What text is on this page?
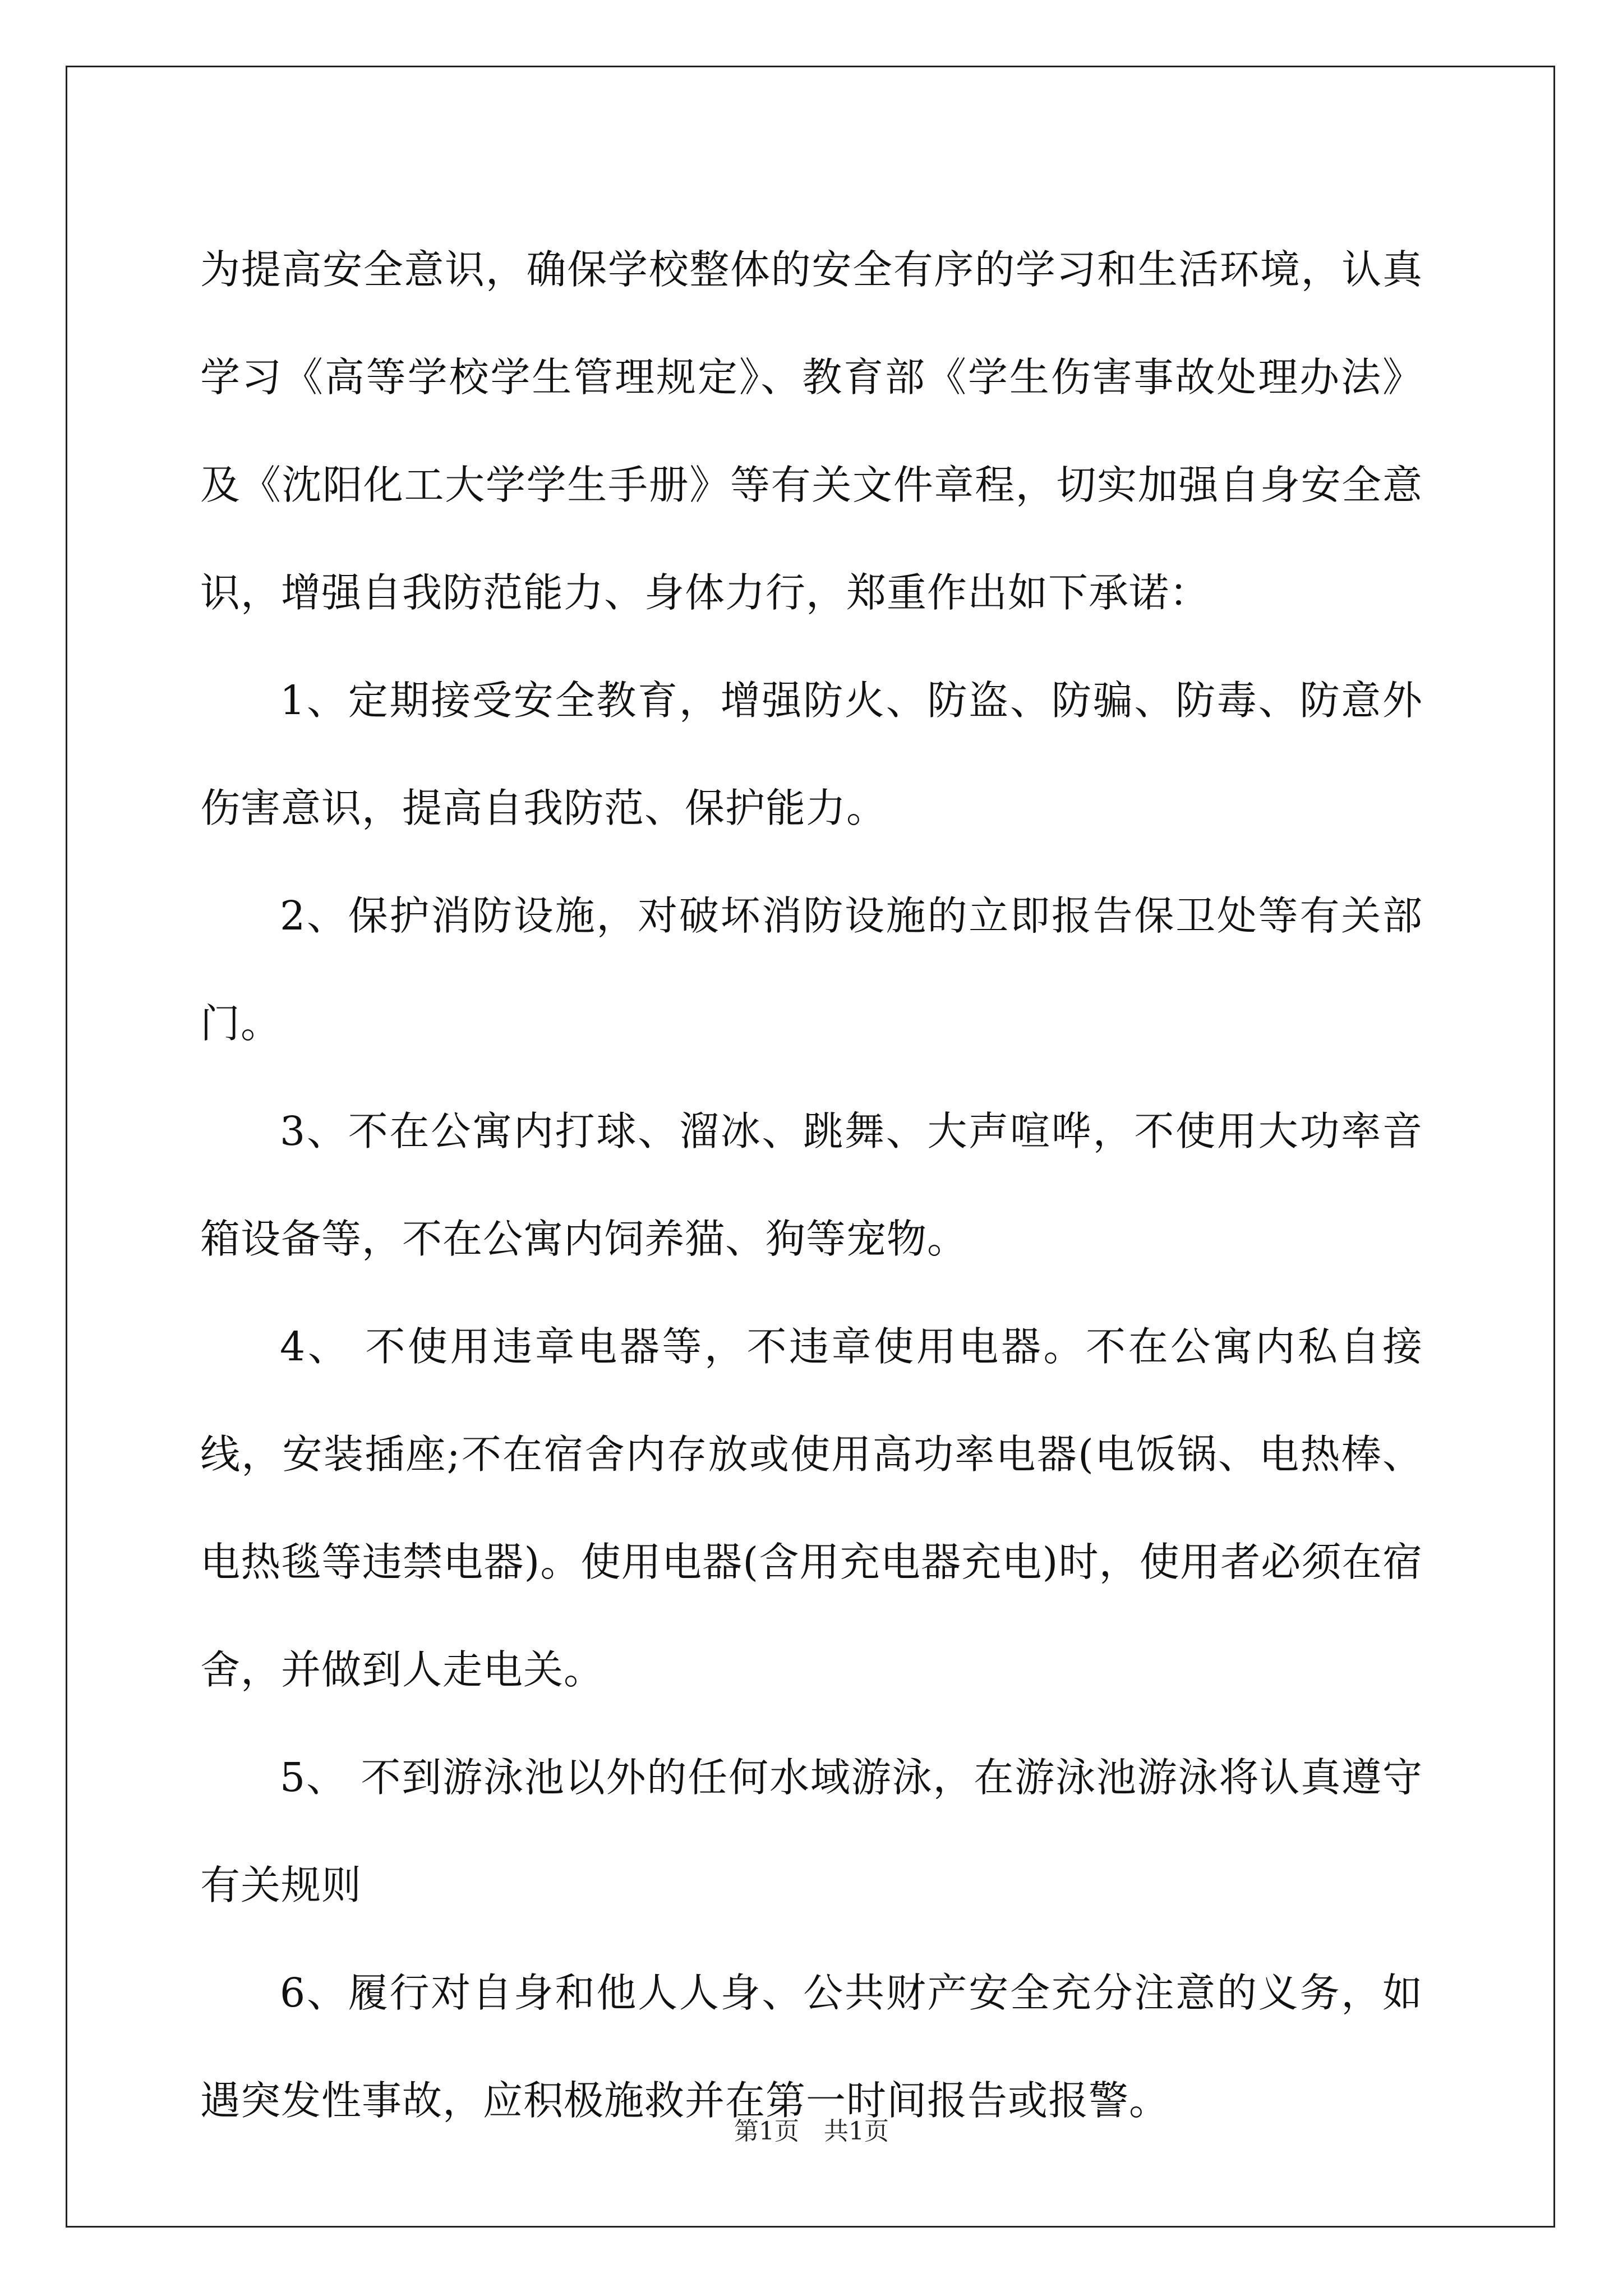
为提高安全意识，确保学校整体的安全有序的学习和生活环境，认真学习《高等学校学生管理规定》、教育部《学生伤害事故处理办法》及《沈阳化工大学学生手册》等有关文件章程，切实加强自身安全意识，增强自我防范能力、身体力行，郑重作出如下承诺：

1、定期接受安全教育，增强防火、防盗、防骗、防毒、防意外伤害意识，提高自我防范、保护能力。

2、保护消防设施，对破坏消防设施的立即报告保卫处等有关部门。

3、不在公寓内打球、溜冰、跳舞、大声喧哗，不使用大功率音箱设备等，不在公寓内饲养猫、狗等宠物。

4、 不使用违章电器等，不违章使用电器。不在公寓内私自接线，安装插座;不在宿舍内存放或使用高功率电器(电饭锅、电热棒、电热毯等违禁电器)。使用电器(含用充电器充电)时，使用者必须在宿舍，并做到人走电关。

5、 不到游泳池以外的任何水域游泳，在游泳池游泳将认真遵守有关规则

6、履行对自身和他人人身、公共财产安全充分注意的义务，如遇突发性事故，应积极施救并在第一时间报告或报警。

第1页　共1页
